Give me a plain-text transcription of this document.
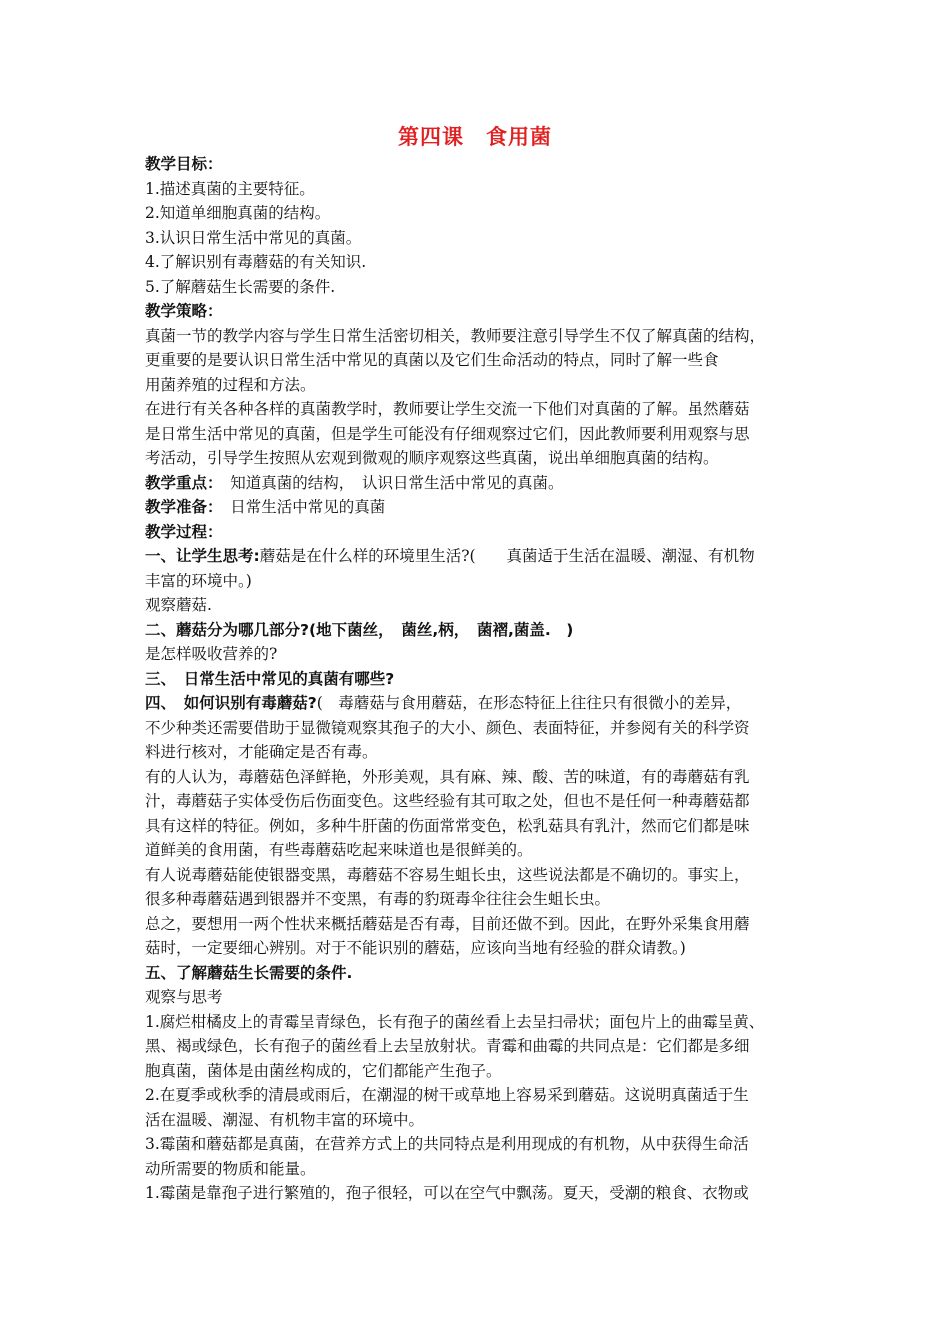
第四课　食用菌
教学目标：
1.描述真菌的主要特征。
2.知道单细胞真菌的结构。
3.认识日常生活中常见的真菌。
4.了解识别有毒蘑菇的有关知识.
5.了解蘑菇生长需要的条件.
教学策略：
真菌一节的教学内容与学生日常生活密切相关，教师要注意引导学生不仅了解真菌的结构，
更重要的是要认识日常生活中常见的真菌以及它们生命活动的特点，同时了解一些食
用菌养殖的过程和方法。
在进行有关各种各样的真菌教学时，教师要让学生交流一下他们对真菌的了解。虽然蘑菇
是日常生活中常见的真菌，但是学生可能没有仔细观察过它们，因此教师要利用观察与思
考活动，引导学生按照从宏观到微观的顺序观察这些真菌，说出单细胞真菌的结构。
教学重点：　知道真菌的结构，　认识日常生活中常见的真菌。
教学准备：　日常生活中常见的真菌
教学过程：
一、让学生思考:蘑菇是在什么样的环境里生活?(　　真菌适于生活在温暖、潮湿、有机物
丰富的环境中。)
观察蘑菇.
二、蘑菇分为哪几部分?(地下菌丝，　菌丝,柄，　菌褶,菌盖.　)
是怎样吸收营养的?
三、　日常生活中常见的真菌有哪些?
四、　如何识别有毒蘑菇?(　毒蘑菇与食用蘑菇，在形态特征上往往只有很微小的差异，
不少种类还需要借助于显微镜观察其孢子的大小、颜色、表面特征，并参阅有关的科学资
料进行核对，才能确定是否有毒。
有的人认为，毒蘑菇色泽鲜艳，外形美观，具有麻、辣、酸、苦的味道，有的毒蘑菇有乳
汁，毒蘑菇子实体受伤后伤面变色。这些经验有其可取之处，但也不是任何一种毒蘑菇都
具有这样的特征。例如，多种牛肝菌的伤面常常变色，松乳菇具有乳汁，然而它们都是味
道鲜美的食用菌，有些毒蘑菇吃起来味道也是很鲜美的。
有人说毒蘑菇能使银器变黑，毒蘑菇不容易生蛆长虫，这些说法都是不确切的。事实上，
很多种毒蘑菇遇到银器并不变黑，有毒的豹斑毒伞往往会生蛆长虫。
总之，要想用一两个性状来概括蘑菇是否有毒，目前还做不到。因此，在野外采集食用蘑
菇时，一定要细心辨别。对于不能识别的蘑菇，应该向当地有经验的群众请教。)
五、了解蘑菇生长需要的条件.
观察与思考
1.腐烂柑橘皮上的青霉呈青绿色，长有孢子的菌丝看上去呈扫帚状；面包片上的曲霉呈黄、
黑、褐或绿色，长有孢子的菌丝看上去呈放射状。青霉和曲霉的共同点是：它们都是多细
胞真菌，菌体是由菌丝构成的，它们都能产生孢子。
2.在夏季或秋季的清晨或雨后，在潮湿的树干或草地上容易采到蘑菇。这说明真菌适于生
活在温暖、潮湿、有机物丰富的环境中。
3.霉菌和蘑菇都是真菌，在营养方式上的共同特点是利用现成的有机物，从中获得生命活
动所需要的物质和能量。
1.霉菌是靠孢子进行繁殖的，孢子很轻，可以在空气中飘荡。夏天，受潮的粮食、衣物或
